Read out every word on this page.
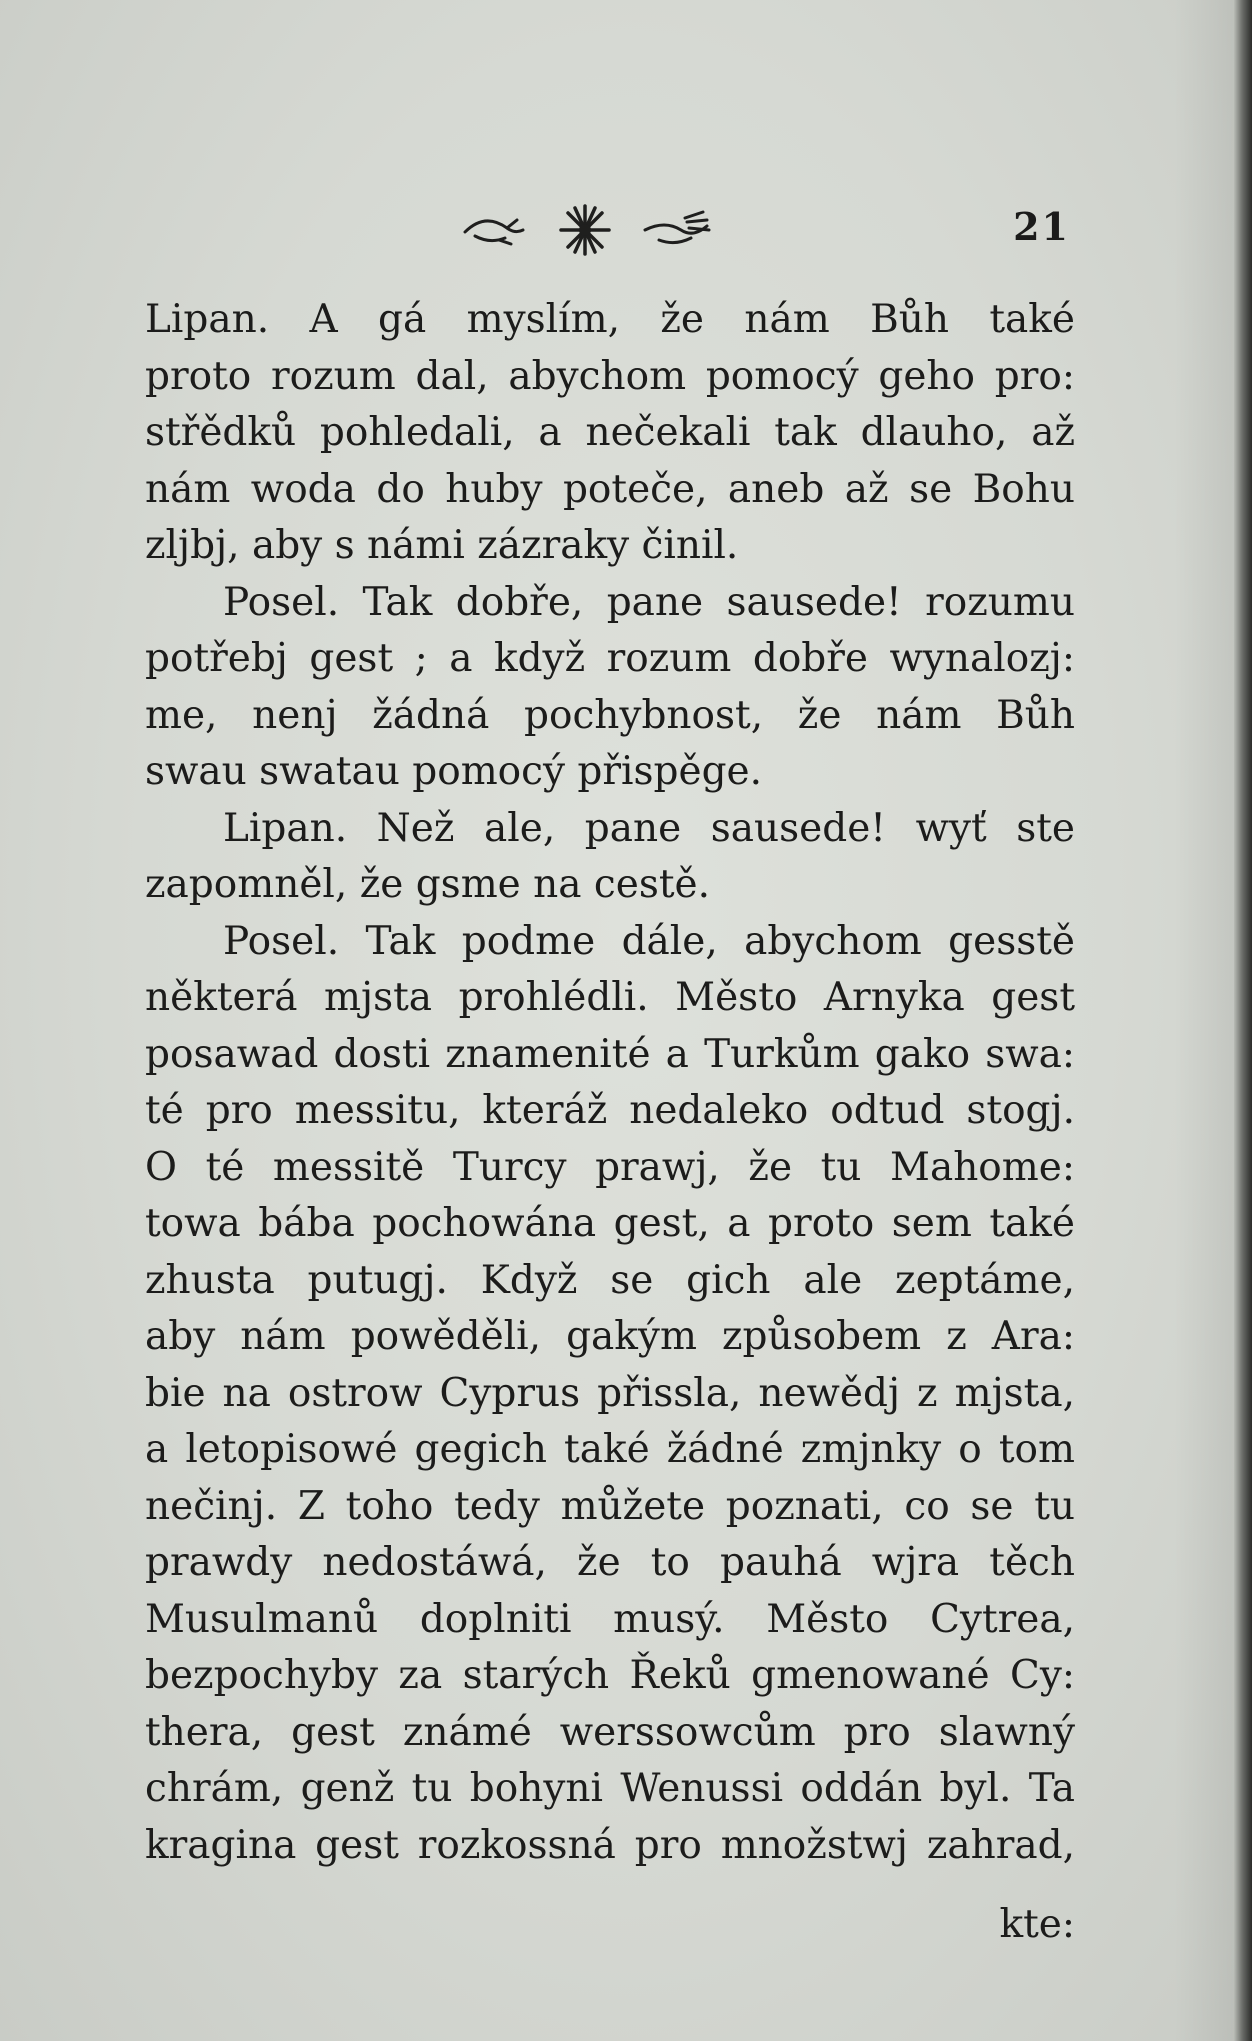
21
Lipan. A gá myslím, že nám Bůh také
proto rozum dal, abychom pomocý geho pro:
střědků pohledali, a nečekali tak dlauho, až
nám woda do huby poteče, aneb až se Bohu
zljbj, aby s námi zázraky činil.
Posel. Tak dobře, pane sausede! rozumu
potřebj gest ; a když rozum dobře wynalozj:
me, nenj žádná pochybnost, že nám Bůh
swau swatau pomocý přispěge.
Lipan. Než ale, pane sausede! wyť ste
zapomněl, že gsme na cestě.
Posel. Tak podme dále, abychom gesstě
některá mjsta prohlédli. Město Arnyka gest
posawad dosti znamenité a Turkům gako swa:
té pro messitu, kteráž nedaleko odtud stogj.
O té messitě Turcy prawj, že tu Mahome:
towa bába pochowána gest, a proto sem také
zhusta putugj. Když se gich ale zeptáme,
aby nám powěděli, gakým způsobem z Ara:
bie na ostrow Cyprus přissla, newědj z mjsta,
a letopisowé gegich také žádné zmjnky o tom
nečinj. Z toho tedy můžete poznati, co se tu
prawdy nedostáwá, že to pauhá wjra těch
Musulmanů doplniti musý. Město Cytrea,
bezpochyby za starých Řeků gmenowané Cy:
thera, gest známé werssowcům pro slawný
chrám, genž tu bohyni Wenussi oddán byl. Ta
kragina gest rozkossná pro množstwj zahrad,
kte:
